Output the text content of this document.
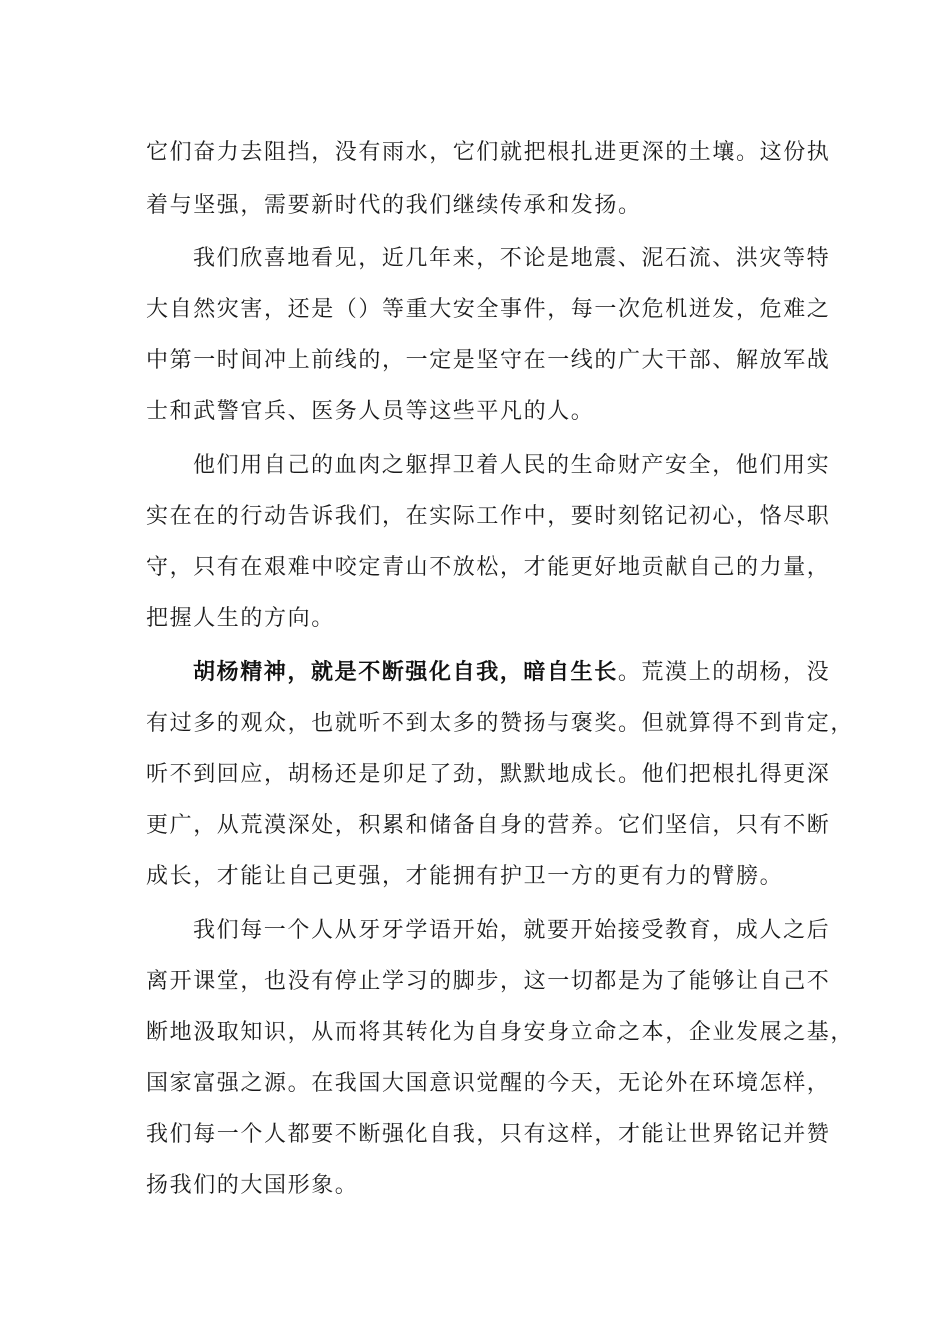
它们奋力去阻挡，没有雨水，它们就把根扎进更深的土壤。这份执
着与坚强，需要新时代的我们继续传承和发扬。
我们欣喜地看见，近几年来，不论是地震、泥石流、洪灾等特
大自然灾害，还是（）等重大安全事件，每一次危机迸发，危难之
中第一时间冲上前线的，一定是坚守在一线的广大干部、解放军战
士和武警官兵、医务人员等这些平凡的人。
他们用自己的血肉之躯捍卫着人民的生命财产安全，他们用实
实在在的行动告诉我们，在实际工作中，要时刻铭记初心，恪尽职
守，只有在艰难中咬定青山不放松，才能更好地贡献自己的力量，
把握人生的方向。
胡杨精神，就是不断强化自我，暗自生长。荒漠上的胡杨，没
有过多的观众，也就听不到太多的赞扬与褒奖。但就算得不到肯定，
听不到回应，胡杨还是卯足了劲，默默地成长。他们把根扎得更深
更广，从荒漠深处，积累和储备自身的营养。它们坚信，只有不断
成长，才能让自己更强，才能拥有护卫一方的更有力的臂膀。
我们每一个人从牙牙学语开始，就要开始接受教育，成人之后
离开课堂，也没有停止学习的脚步，这一切都是为了能够让自己不
断地汲取知识，从而将其转化为自身安身立命之本，企业发展之基，
国家富强之源。在我国大国意识觉醒的今天，无论外在环境怎样，
我们每一个人都要不断强化自我，只有这样，才能让世界铭记并赞
扬我们的大国形象。
